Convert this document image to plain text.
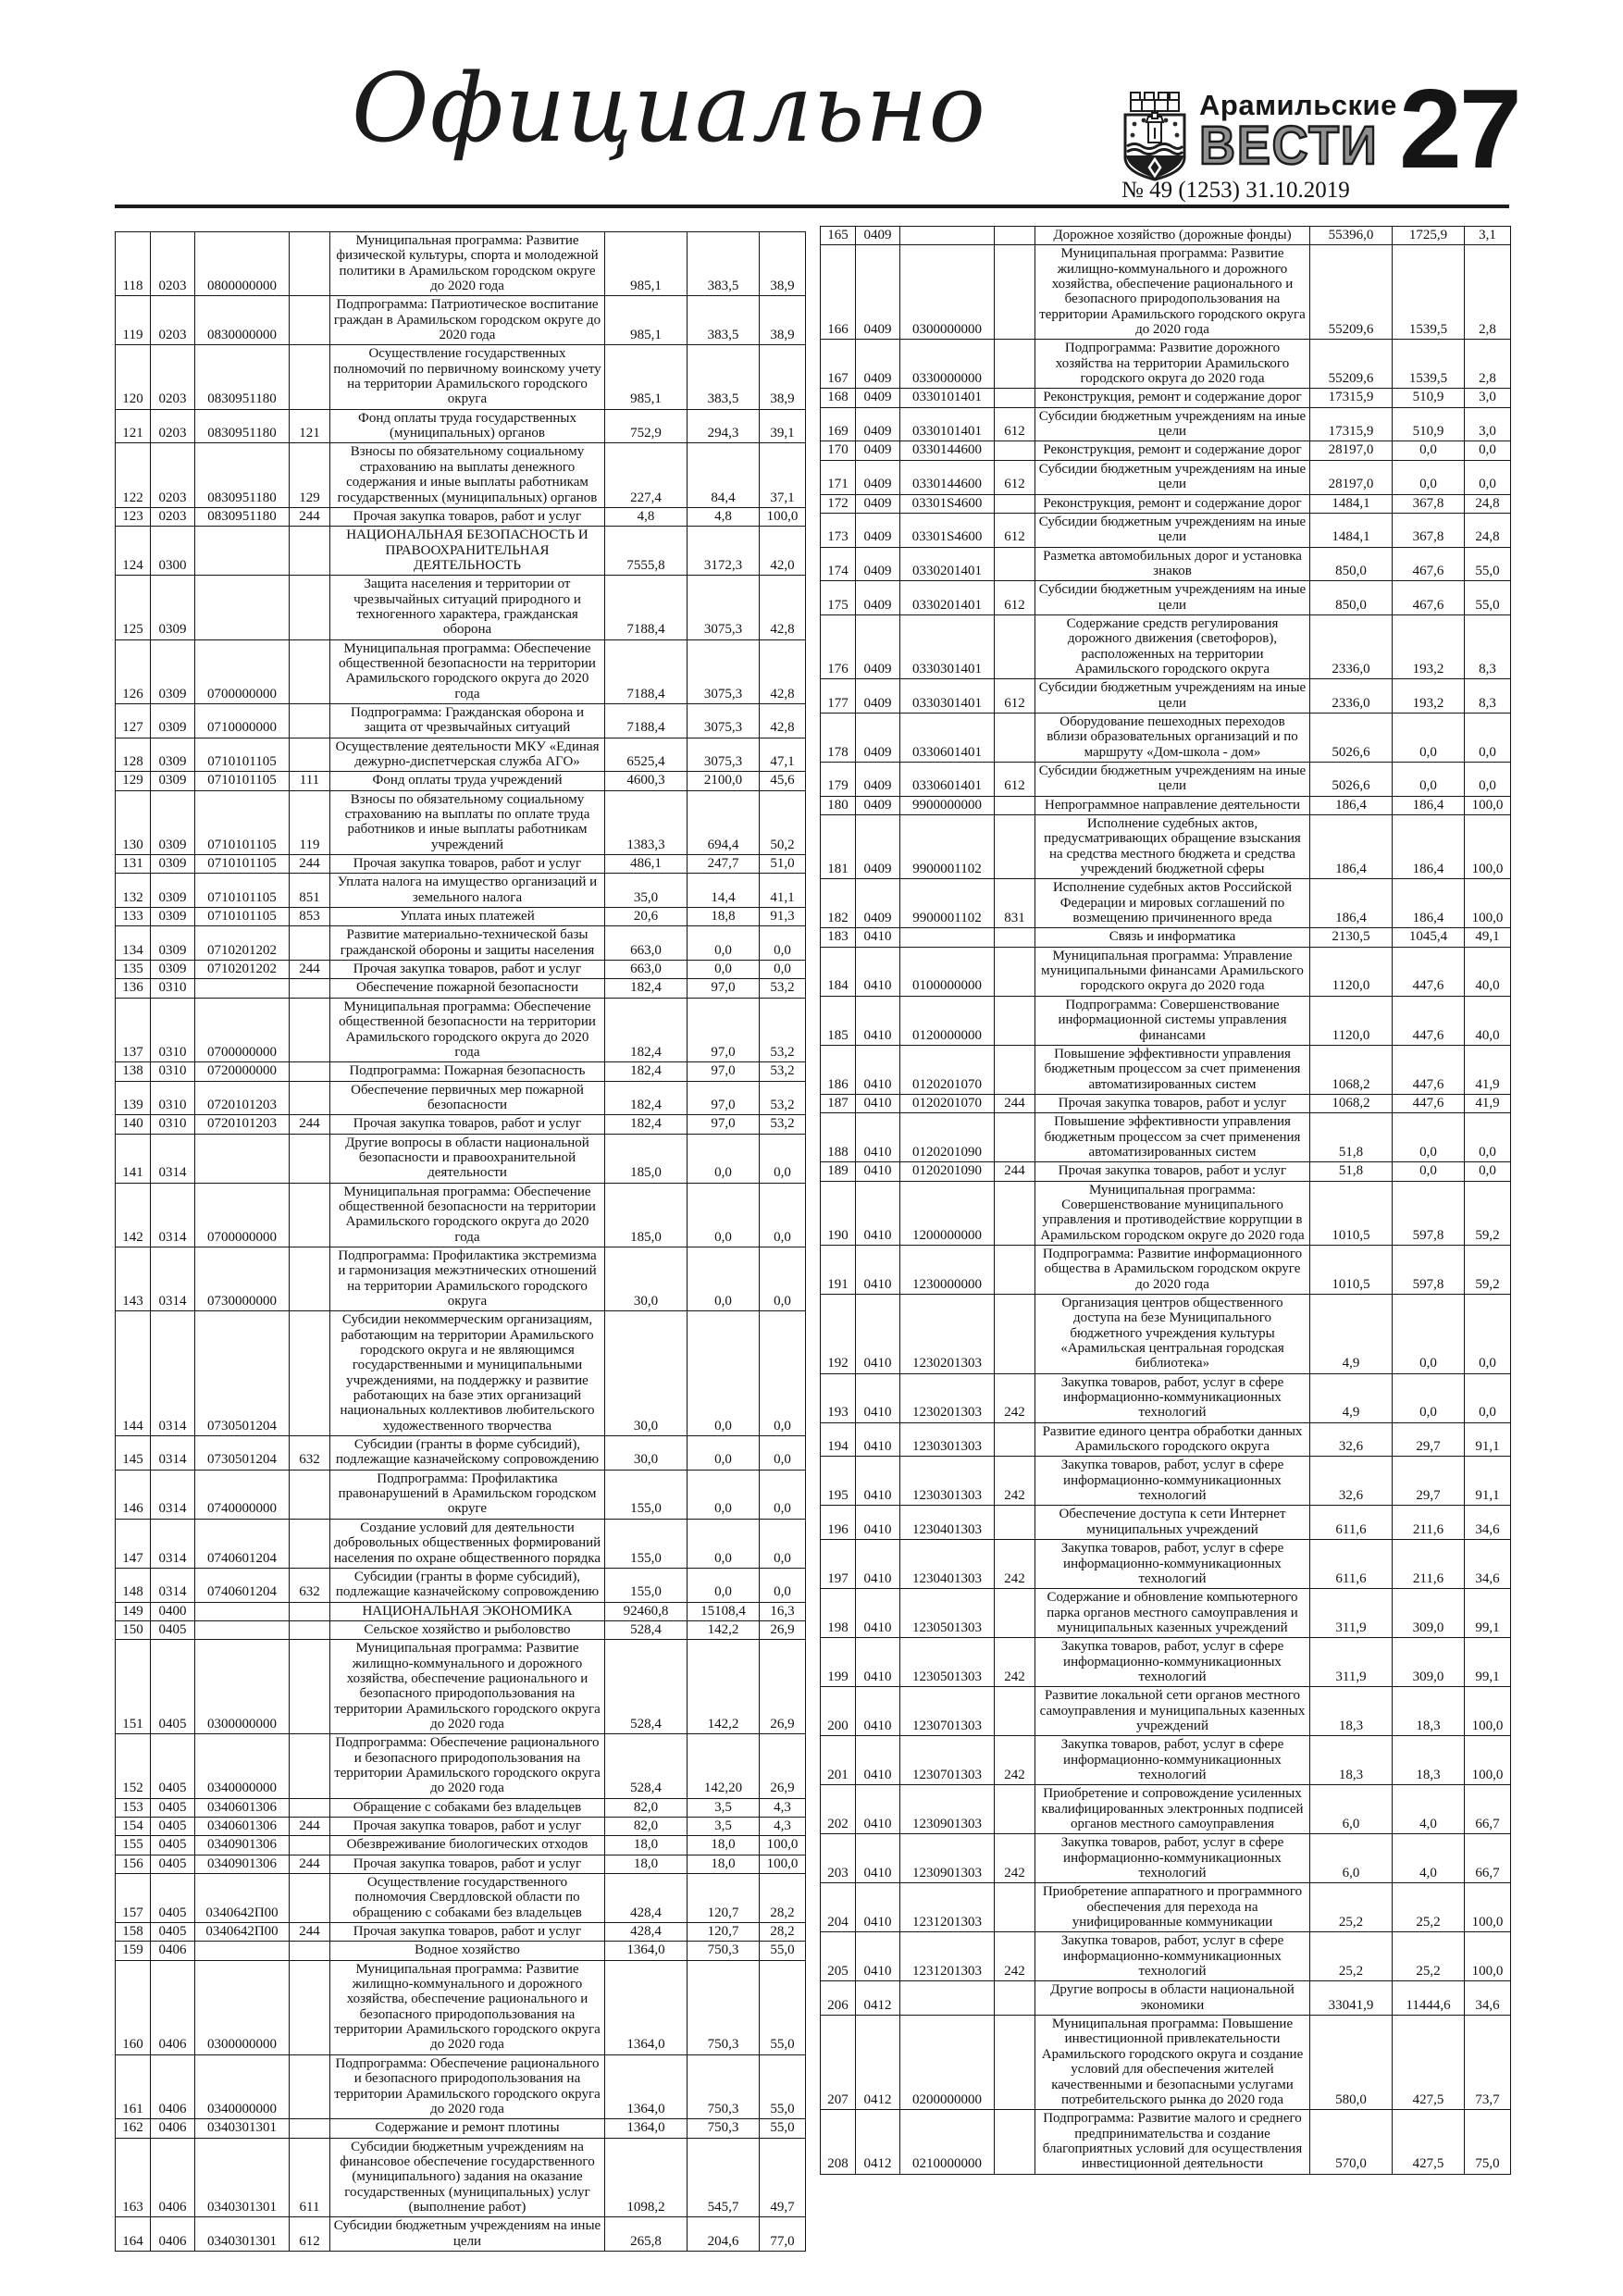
Официально	Арамильские
ВЕСТИ
№ 49 (1253) 31.10.2019 27
118	0203	0800000000		Муниципальная программа: Развитие физической культуры, спорта и молодежной политики в Арамильском городском округе до 2020 года	985,1	383,5	38,9
119	0203	0830000000		Подпрограмма: Патриотическое воспитание граждан в Арамильском городском округе до 2020 года	985,1	383,5	38,9
120	0203	0830951180		Осуществление государственных полномочий по первичному воинскому учету на территории Арамильского городского округа	985,1	383,5	38,9
121	0203	0830951180	121	Фонд оплаты труда государственных (муниципальных) органов	752,9	294,3	39,1
122	0203	0830951180	129	Взносы по обязательному социальному страхованию на выплаты денежного содержания и иные выплаты работникам государственных (муниципальных) органов	227,4	84,4	37,1
123	0203	0830951180	244	Прочая закупка товаров, работ и услуг	4,8	4,8	100,0
124	0300			НАЦИОНАЛЬНАЯ БЕЗОПАСНОСТЬ И ПРАВООХРАНИТЕЛЬНАЯ ДЕЯТЕЛЬНОСТЬ	7555,8	3172,3	42,0
125	0309			Защита населения и территории от чрезвычайных ситуаций природного и техногенного характера, гражданская оборона	7188,4	3075,3	42,8
126	0309	0700000000		Муниципальная программа: Обеспечение общественной безопасности на территории Арамильского городского округа до 2020 года	7188,4	3075,3	42,8
127	0309	0710000000		Подпрограмма: Гражданская оборона и защита от чрезвычайных ситуаций	7188,4	3075,3	42,8
128	0309	0710101105		Осуществление деятельности МКУ «Единая дежурно-диспетчерская служба АГО»	6525,4	3075,3	47,1
129	0309	0710101105	111	Фонд оплаты труда учреждений	4600,3	2100,0	45,6
130	0309	0710101105	119	Взносы по обязательному социальному страхованию на выплаты по оплате труда работников и иные выплаты работникам учреждений	1383,3	694,4	50,2
131	0309	0710101105	244	Прочая закупка товаров, работ и услуг	486,1	247,7	51,0
132	0309	0710101105	851	Уплата налога на имущество организаций и земельного налога	35,0	14,4	41,1
133	0309	0710101105	853	Уплата иных платежей	20,6	18,8	91,3
134	0309	0710201202		Развитие материально-технической базы гражданской обороны и защиты населения	663,0	0,0	0,0
135	0309	0710201202	244	Прочая закупка товаров, работ и услуг	663,0	0,0	0,0
136	0310			Обеспечение пожарной безопасности	182,4	97,0	53,2
137	0310	0700000000		Муниципальная программа: Обеспечение общественной безопасности на территории Арамильского городского округа до 2020 года	182,4	97,0	53,2
138	0310	0720000000		Подпрограмма: Пожарная безопасность	182,4	97,0	53,2
139	0310	0720101203		Обеспечение первичных мер пожарной безопасности	182,4	97,0	53,2
140	0310	0720101203	244	Прочая закупка товаров, работ и услуг	182,4	97,0	53,2
141	0314			Другие вопросы в области национальной безопасности и правоохранительной деятельности	185,0	0,0	0,0
142	0314	0700000000		Муниципальная программа: Обеспечение общественной безопасности на территории Арамильского городского округа до 2020 года	185,0	0,0	0,0
143	0314	0730000000		Подпрограмма: Профилактика экстремизма и гармонизация межэтнических отношений на территории Арамильского городского округа	30,0	0,0	0,0
144	0314	0730501204		Субсидии некоммерческим организациям, работающим на территории Арамильского городского округа и не являющимся государственными и муниципальными учреждениями, на поддержку и развитие работающих на базе этих организаций национальных коллективов любительского художественного творчества	30,0	0,0	0,0
145	0314	0730501204	632	Субсидии (гранты в форме субсидий), подлежащие казначейскому сопровождению	30,0	0,0	0,0
146	0314	0740000000		Подпрограмма: Профилактика правонарушений в Арамильском городском округе	155,0	0,0	0,0
147	0314	0740601204		Создание условий для деятельности добровольных общественных формирований населения по охране общественного порядка	155,0	0,0	0,0
148	0314	0740601204	632	Субсидии (гранты в форме субсидий), подлежащие казначейскому сопровождению	155,0	0,0	0,0
149	0400			НАЦИОНАЛЬНАЯ ЭКОНОМИКА	92460,8	15108,4	16,3
150	0405			Сельское хозяйство и рыболовство	528,4	142,2	26,9
151	0405	0300000000		Муниципальная программа: Развитие жилищно-коммунального и дорожного хозяйства, обеспечение рационального и безопасного природопользования на территории Арамильского городского округа до 2020 года	528,4	142,2	26,9
152	0405	0340000000		Подпрограмма: Обеспечение рационального и безопасного природопользования на территории Арамильского городского округа до 2020 года	528,4	142,20	26,9
153	0405	0340601306		Обращение с собаками без владельцев	82,0	3,5	4,3
154	0405	0340601306	244	Прочая закупка товаров, работ и услуг	82,0	3,5	4,3
155	0405	0340901306		Обезвреживание биологических отходов	18,0	18,0	100,0
156	0405	0340901306	244	Прочая закупка товаров, работ и услуг	18,0	18,0	100,0
157	0405	0340642П00		Осуществление государственного полномочия Свердловской области по обращению с собаками без владельцев	428,4	120,7	28,2
158	0405	0340642П00	244	Прочая закупка товаров, работ и услуг	428,4	120,7	28,2
159	0406			Водное хозяйство	1364,0	750,3	55,0
160	0406	0300000000		Муниципальная программа: Развитие жилищно-коммунального и дорожного хозяйства, обеспечение рационального и безопасного природопользования на территории Арамильского городского округа до 2020 года	1364,0	750,3	55,0
161	0406	0340000000		Подпрограмма: Обеспечение рационального и безопасного природопользования на территории Арамильского городского округа до 2020 года	1364,0	750,3	55,0
162	0406	0340301301		Содержание и ремонт плотины	1364,0	750,3	55,0
163	0406	0340301301	611	Субсидии бюджетным учреждениям на финансовое обеспечение государственного (муниципального) задания на оказание государственных (муниципальных) услуг (выполнение работ)	1098,2	545,7	49,7
164	0406	0340301301	612	Субсидии бюджетным учреждениям на иные цели	265,8	204,6	77,0
165	0409			Дорожное хозяйство (дорожные фонды)	55396,0	1725,9	3,1
166	0409	0300000000		Муниципальная программа: Развитие жилищно-коммунального и дорожного хозяйства, обеспечение рационального и безопасного природопользования на территории Арамильского городского округа до 2020 года	55209,6	1539,5	2,8
167	0409	0330000000		Подпрограмма: Развитие дорожного хозяйства на территории Арамильского городского округа до 2020 года	55209,6	1539,5	2,8
168	0409	0330101401		Реконструкция, ремонт и содержание дорог	17315,9	510,9	3,0
169	0409	0330101401	612	Субсидии бюджетным учреждениям на иные цели	17315,9	510,9	3,0
170	0409	0330144600		Реконструкция, ремонт и содержание дорог	28197,0	0,0	0,0
171	0409	0330144600	612	Субсидии бюджетным учреждениям на иные цели	28197,0	0,0	0,0
172	0409	03301S4600		Реконструкция, ремонт и содержание дорог	1484,1	367,8	24,8
173	0409	03301S4600	612	Субсидии бюджетным учреждениям на иные цели	1484,1	367,8	24,8
174	0409	0330201401		Разметка автомобильных дорог и установка знаков	850,0	467,6	55,0
175	0409	0330201401	612	Субсидии бюджетным учреждениям на иные цели	850,0	467,6	55,0
176	0409	0330301401		Содержание средств регулирования дорожного движения (светофоров), расположенных на территории Арамильского городского округа	2336,0	193,2	8,3
177	0409	0330301401	612	Субсидии бюджетным учреждениям на иные цели	2336,0	193,2	8,3
178	0409	0330601401		Оборудование пешеходных переходов вблизи образовательных организаций и по маршруту «Дом-школа - дом»	5026,6	0,0	0,0
179	0409	0330601401	612	Субсидии бюджетным учреждениям на иные цели	5026,6	0,0	0,0
180	0409	9900000000		Непрограммное направление деятельности	186,4	186,4	100,0
181	0409	9900001102		Исполнение судебных актов, предусматривающих обращение взыскания на средства местного бюджета и средства учреждений бюджетной сферы	186,4	186,4	100,0
182	0409	9900001102	831	Исполнение судебных актов Российской Федерации и мировых соглашений по возмещению причиненного вреда	186,4	186,4	100,0
183	0410			Связь и информатика	2130,5	1045,4	49,1
184	0410	0100000000		Муниципальная программа: Управление муниципальными финансами Арамильского городского округа до 2020 года	1120,0	447,6	40,0
185	0410	0120000000		Подпрограмма: Совершенствование информационной системы управления финансами	1120,0	447,6	40,0
186	0410	0120201070		Повышение эффективности управления бюджетным процессом за счет применения автоматизированных систем	1068,2	447,6	41,9
187	0410	0120201070	244	Прочая закупка товаров, работ и услуг	1068,2	447,6	41,9
188	0410	0120201090		Повышение эффективности управления бюджетным процессом за счет применения автоматизированных систем	51,8	0,0	0,0
189	0410	0120201090	244	Прочая закупка товаров, работ и услуг	51,8	0,0	0,0
190	0410	1200000000		Муниципальная программа: Совершенствование муниципального управления и противодействие коррупции в Арамильском городском округе до 2020 года	1010,5	597,8	59,2
191	0410	1230000000		Подпрограмма: Развитие информационного общества в Арамильском городском округе до 2020 года	1010,5	597,8	59,2
192	0410	1230201303		Организация центров общественного доступа на безе Муниципального бюджетного учреждения культуры «Арамильская центральная городская библиотека»	4,9	0,0	0,0
193	0410	1230201303	242	Закупка товаров, работ, услуг в сфере информационно-коммуникационных технологий	4,9	0,0	0,0
194	0410	1230301303		Развитие единого центра обработки данных Арамильского городского округа	32,6	29,7	91,1
195	0410	1230301303	242	Закупка товаров, работ, услуг в сфере информационно-коммуникационных технологий	32,6	29,7	91,1
196	0410	1230401303		Обеспечение доступа к сети Интернет муниципальных учреждений	611,6	211,6	34,6
197	0410	1230401303	242	Закупка товаров, работ, услуг в сфере информационно-коммуникационных технологий	611,6	211,6	34,6
198	0410	1230501303		Содержание и обновление компьютерного парка органов местного самоуправления и муниципальных казенных учреждений	311,9	309,0	99,1
199	0410	1230501303	242	Закупка товаров, работ, услуг в сфере информационно-коммуникационных технологий	311,9	309,0	99,1
200	0410	1230701303		Развитие локальной сети органов местного самоуправления и муниципальных казенных учреждений	18,3	18,3	100,0
201	0410	1230701303	242	Закупка товаров, работ, услуг в сфере информационно-коммуникационных технологий	18,3	18,3	100,0
202	0410	1230901303		Приобретение и сопровождение усиленных квалифицированных электронных подписей органов местного самоуправления	6,0	4,0	66,7
203	0410	1230901303	242	Закупка товаров, работ, услуг в сфере информационно-коммуникационных технологий	6,0	4,0	66,7
204	0410	1231201303		Приобретение аппаратного и программного обеспечения для перехода на унифицированные коммуникации	25,2	25,2	100,0
205	0410	1231201303	242	Закупка товаров, работ, услуг в сфере информационно-коммуникационных технологий	25,2	25,2	100,0
206	0412			Другие вопросы в области национальной экономики	33041,9	11444,6	34,6
207	0412	0200000000		Муниципальная программа: Повышение инвестиционной привлекательности Арамильского городского округа и создание условий для обеспечения жителей качественными и безопасными услугами потребительского рынка до 2020 года	580,0	427,5	73,7
208	0412	0210000000		Подпрограмма: Развитие малого и среднего предпринимательства и создание благоприятных условий для осуществления инвестиционной деятельности	570,0	427,5	75,0
